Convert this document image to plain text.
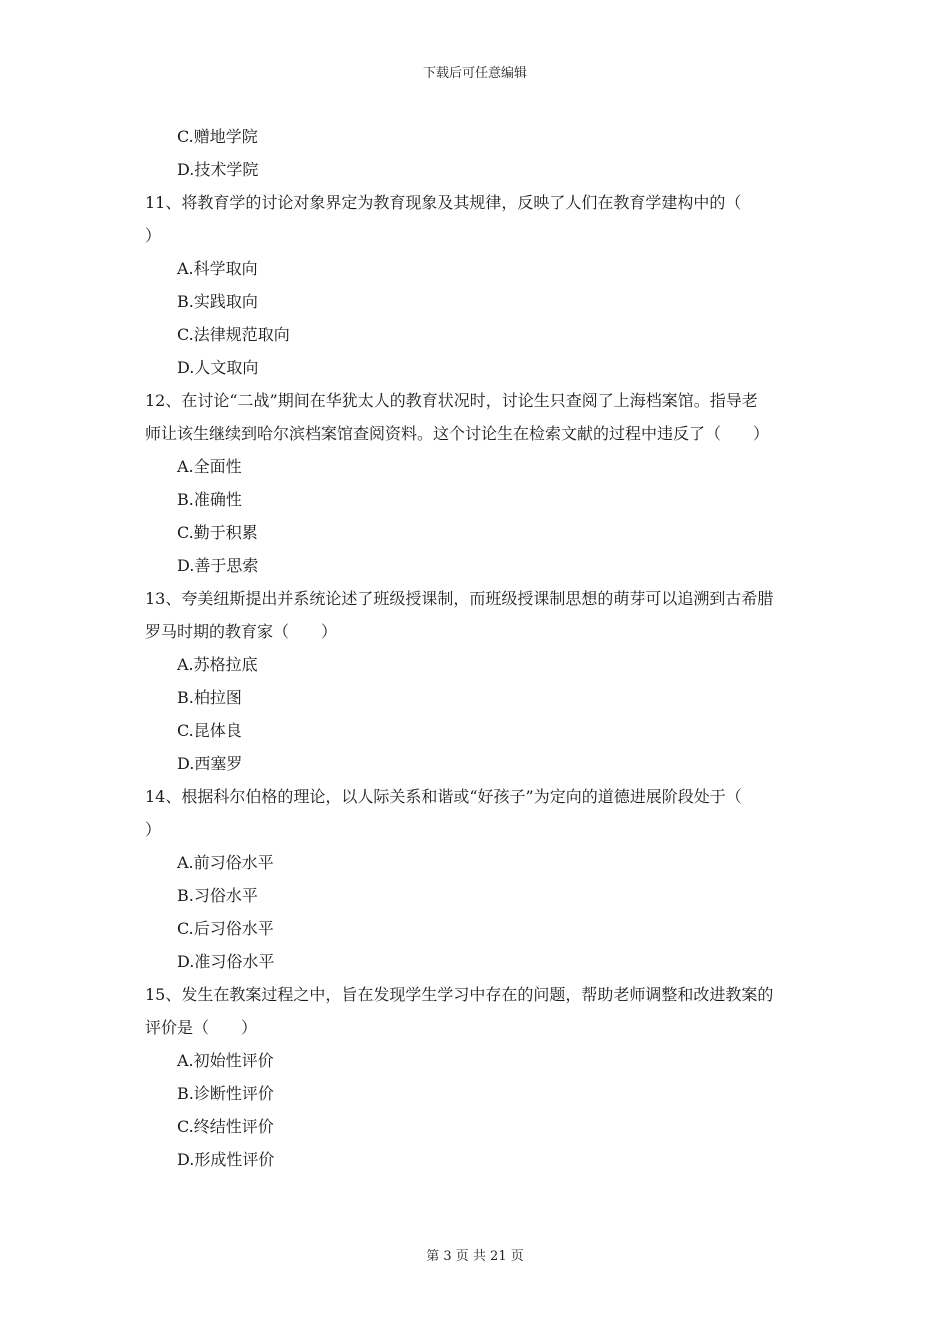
下载后可任意编辑
C.赠地学院
D.技术学院
11、将教育学的讨论对象界定为教育现象及其规律，反映了人们在教育学建构中的（
）
A.科学取向
B.实践取向
C.法律规范取向
D.人文取向
12、在讨论“二战”期间在华犹太人的教育状况时，讨论生只查阅了上海档案馆。指导老
师让该生继续到哈尔滨档案馆查阅资料。这个讨论生在检索文献的过程中违反了（　　）
A.全面性
B.准确性
C.勤于积累
D.善于思索
13、夸美纽斯提出并系统论述了班级授课制，而班级授课制思想的萌芽可以追溯到古希腊
罗马时期的教育家（　　）
A.苏格拉底
B.柏拉图
C.昆体良
D.西塞罗
14、根据科尔伯格的理论，以人际关系和谐或“好孩子”为定向的道德进展阶段处于（
）
A.前习俗水平
B.习俗水平
C.后习俗水平
D.准习俗水平
15、发生在教案过程之中，旨在发现学生学习中存在的问题，帮助老师调整和改进教案的
评价是（　　）
A.初始性评价
B.诊断性评价
C.终结性评价
D.形成性评价
第 3 页 共 21 页
